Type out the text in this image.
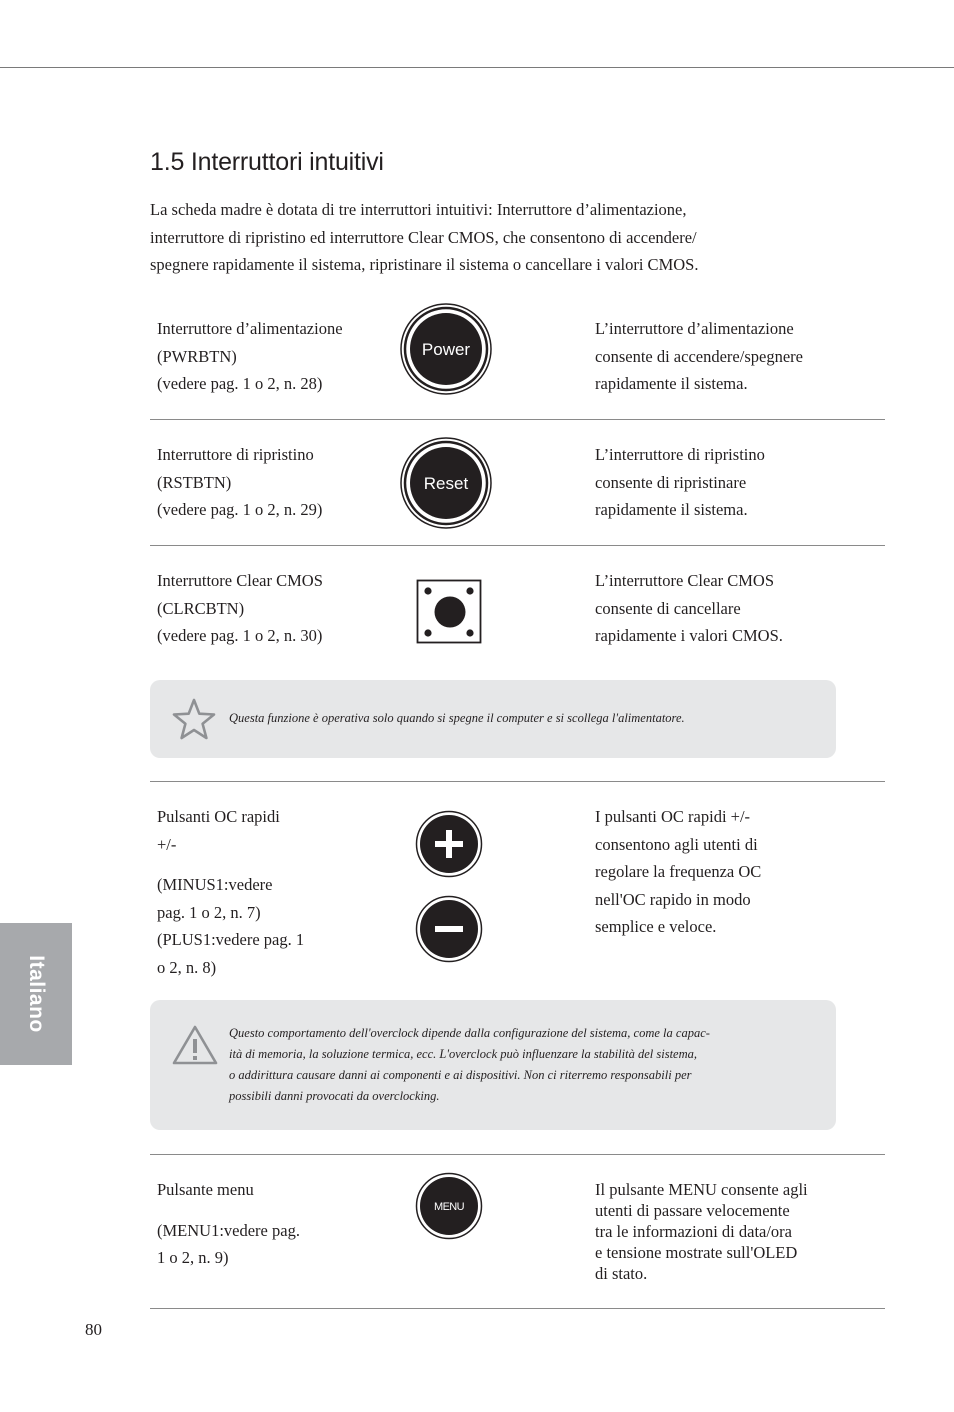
1.5 Interruttori intuitivi
La scheda madre è dotata di tre interruttori intuitivi: Interruttore d’alimentazione,
interruttore di ripristino ed interruttore Clear CMOS, che consentono di accendere/
spegnere rapidamente il sistema, ripristinare il sistema o cancellare i valori CMOS.
Interruttore d’alimentazione
(PWRBTN)
(vedere pag. 1 o 2, n. 28)
Power
L’interruttore d’alimentazione
consente di accendere/spegnere
rapidamente il sistema.
Interruttore di ripristino
(RSTBTN)
(vedere pag. 1 o 2, n. 29)
Reset
L’interruttore di ripristino
consente di ripristinare
rapidamente il sistema.
Interruttore Clear CMOS
(CLRCBTN)
(vedere pag. 1 o 2, n. 30)
L’interruttore Clear CMOS
consente di cancellare
rapidamente i valori CMOS.
Questa funzione è operativa solo quando si spegne il computer e si scollega l'alimentatore.
Pulsanti OC rapidi
+/-
(MINUS1:vedere
pag. 1 o 2, n. 7)
(PLUS1:vedere pag. 1
o 2, n. 8)
I pulsanti OC rapidi +/-
consentono agli utenti di
regolare la frequenza OC
nell'OC rapido in modo
semplice e veloce.
Questo comportamento dell'overclock dipende dalla configurazione del sistema, come la capac-
ità di memoria, la soluzione termica, ecc. L'overclock può influenzare la stabilità del sistema,
o addirittura causare danni ai componenti e ai dispositivi. Non ci riterremo responsabili per
possibili danni provocati da overclocking.
Pulsante menu
(MENU1:vedere pag.
1 o 2, n. 9)
MENU
Il pulsante MENU consente agli
utenti di passare velocemente
tra le informazioni di data/ora
e tensione mostrate sull'OLED
di stato.
Italiano
80
